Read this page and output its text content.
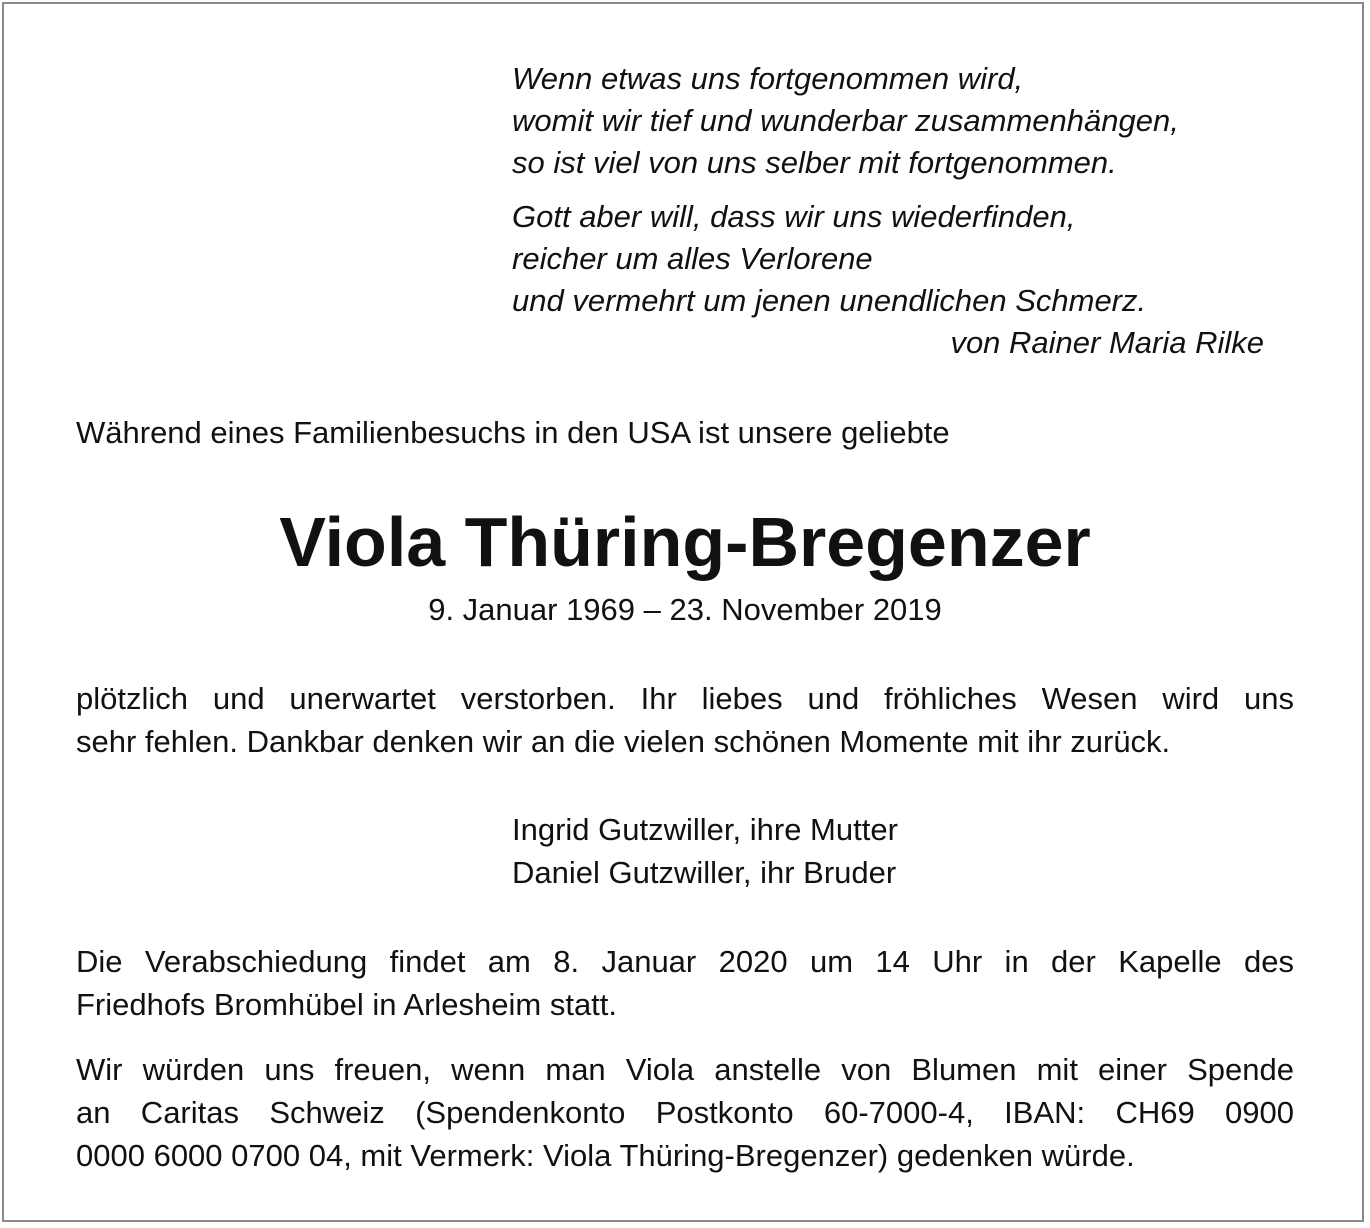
Wenn etwas uns fortgenommen wird,
womit wir tief und wunderbar zusammenhängen,
so ist viel von uns selber mit fortgenommen.

Gott aber will, dass wir uns wiederfinden,
reicher um alles Verlorene
und vermehrt um jenen unendlichen Schmerz.
von Rainer Maria Rilke

Während eines Familienbesuchs in den USA ist unsere geliebte
Viola Thüring-Bregenzer
9. Januar 1969 – 23. November 2019

plötzlich und unerwartet verstorben. Ihr liebes und fröhliches Wesen wird uns
sehr fehlen. Dankbar denken wir an die vielen schönen Momente mit ihr zurück.

Ingrid Gutzwiller, ihre Mutter
Daniel Gutzwiller, ihr Bruder

Die Verabschiedung findet am 8. Januar 2020 um 14 Uhr in der Kapelle des
Friedhofs Bromhübel in Arlesheim statt.

Wir würden uns freuen, wenn man Viola anstelle von Blumen mit einer Spende
an Caritas Schweiz (Spendenkonto Postkonto 60-7000-4, IBAN: CH69 0900
0000 6000 0700 04, mit Vermerk: Viola Thüring-Bregenzer) gedenken würde.
